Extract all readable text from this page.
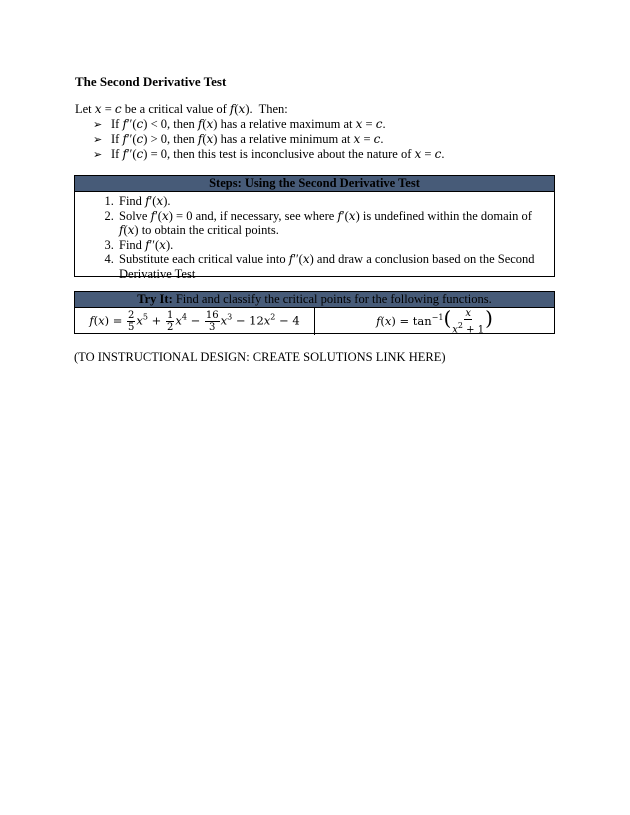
The Second Derivative Test
Let x = c be a critical value of f(x).  Then:
➢ If f′′(c) < 0, then f(x) has a relative maximum at x = c.
➢ If f′′(c) > 0, then f(x) has a relative minimum at x = c.
➢ If f′′(c) = 0, then this test is inconclusive about the nature of x = c.
Steps: Using the Second Derivative Test
1. Find f′(x).
2. Solve f′(x) = 0 and, if necessary, see where f′(x) is undefined within the domain of f(x) to obtain the critical points.
3. Find f′′(x).
4. Substitute each critical value into f′′(x) and draw a conclusion based on the Second Derivative Test
Try It: Find and classify the critical points for the following functions.
$f(x) = \frac{2}{5} x^5 + \frac{1}{2} x^4 - \frac{16}{3} x^3 - 12x^2 - 4$	$f(x) = \tan^{-1}( \frac{x}{x^2 + 1}$ )
(TO INSTRUCTIONAL DESIGN: CREATE SOLUTIONS LINK HERE)
